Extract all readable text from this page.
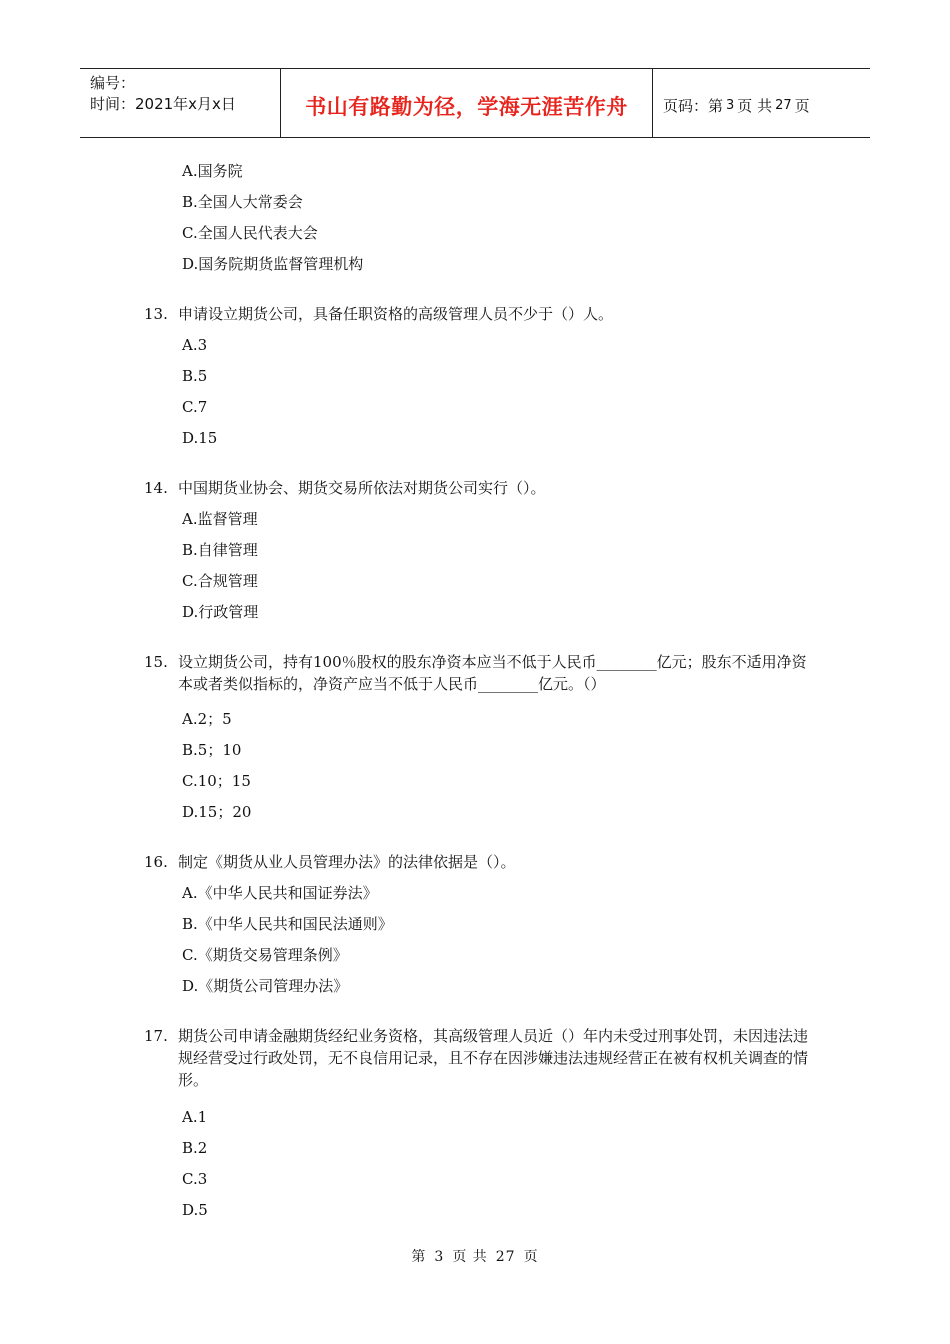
编号：
时间：2021年x月x日	书山有路勤为径，学海无涯苦作舟	页码：第 3 页 共 27 页
A.国务院
B.全国人大常委会
C.全国人民代表大会
D.国务院期货监督管理机构
13. 申请设立期货公司，具备任职资格的高级管理人员不少于（）人。
A.3
B.5
C.7
D.15
14. 中国期货业协会、期货交易所依法对期货公司实行（）。
A.监督管理
B.自律管理
C.合规管理
D.行政管理
15. 设立期货公司，持有100％股权的股东净资本应当不低于人民币________亿元；股东不适用净资本或者类似指标的，净资产应当不低于人民币________亿元。（）
A.2；5
B.5；10
C.10；15
D.15；20
16. 制定《期货从业人员管理办法》的法律依据是（）。
A.《中华人民共和国证券法》
B.《中华人民共和国民法通则》
C.《期货交易管理条例》
D.《期货公司管理办法》
17. 期货公司申请金融期货经纪业务资格，其高级管理人员近（）年内未受过刑事处罚，未因违法违规经营受过行政处罚，无不良信用记录，且不存在因涉嫌违法违规经营正在被有权机关调查的情形。
A.1
B.2
C.3
D.5
第 3 页 共 27 页
